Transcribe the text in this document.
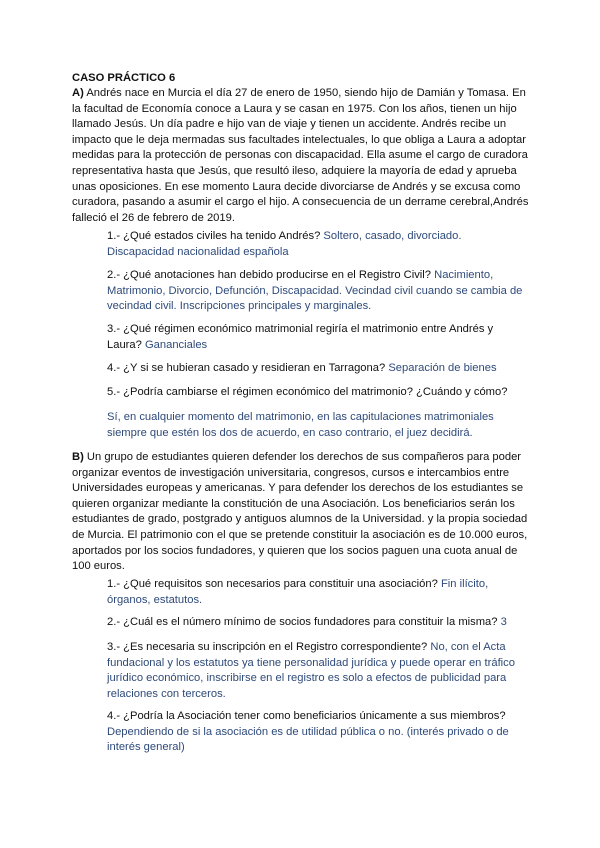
CASO PRÁCTICO 6

A) Andrés nace en Murcia el día 27 de enero de 1950, siendo hijo de Damián y Tomasa. En la facultad de Economía conoce a Laura y se casan en 1975. Con los años, tienen un hijo llamado Jesús. Un día padre e hijo van de viaje y tienen un accidente. Andrés recibe un impacto que le deja mermadas sus facultades intelectuales, lo que obliga a Laura a adoptar medidas para la protección de personas con discapacidad. Ella asume el cargo de curadora representativa hasta que Jesús, que resultó ileso, adquiere la mayoría de edad y aprueba unas oposiciones. En ese momento Laura decide divorciarse de Andrés y se excusa como curadora, pasando a asumir el cargo el hijo. A consecuencia de un derrame cerebral,Andrés falleció el 26 de febrero de 2019.

1.- ¿Qué estados civiles ha tenido Andrés? Soltero, casado, divorciado. Discapacidad nacionalidad española

2.- ¿Qué anotaciones han debido producirse en el Registro Civil? Nacimiento, Matrimonio, Divorcio, Defunción, Discapacidad. Vecindad civil cuando se cambia de vecindad civil. Inscripciones principales y marginales.

3.- ¿Qué régimen económico matrimonial regiría el matrimonio entre Andrés y Laura? Gananciales

4.- ¿Y si se hubieran casado y residieran en Tarragona? Separación de bienes

5.- ¿Podría cambiarse el régimen económico del matrimonio? ¿Cuándo y cómo?

Sí, en cualquier momento del matrimonio, en las capitulaciones matrimoniales siempre que estén los dos de acuerdo, en caso contrario, el juez decidirá.

B) Un grupo de estudiantes quieren defender los derechos de sus compañeros para poder organizar eventos de investigación universitaria, congresos, cursos e intercambios entre Universidades europeas y americanas. Y para defender los derechos de los estudiantes se quieren organizar mediante la constitución de una Asociación. Los beneficiarios serán los estudiantes de grado, postgrado y antiguos alumnos de la Universidad. y la propia sociedad de Murcia. El patrimonio con el que se pretende constituir la asociación es de 10.000 euros, aportados por los socios fundadores, y quieren que los socios paguen una cuota anual de 100 euros.

1.- ¿Qué requisitos son necesarios para constituir una asociación? Fin ilícito, órganos, estatutos.

2.- ¿Cuál es el número mínimo de socios fundadores para constituir la misma? 3

3.- ¿Es necesaria su inscripción en el Registro correspondiente? No, con el Acta fundacional y los estatutos ya tiene personalidad jurídica y puede operar en tráfico jurídico económico, inscribirse en el registro es solo a efectos de publicidad para relaciones con terceros.

4.- ¿Podría la Asociación tener como beneficiarios únicamente a sus miembros? Dependiendo de si la asociación es de utilidad pública o no. (interés privado o de interés general)
